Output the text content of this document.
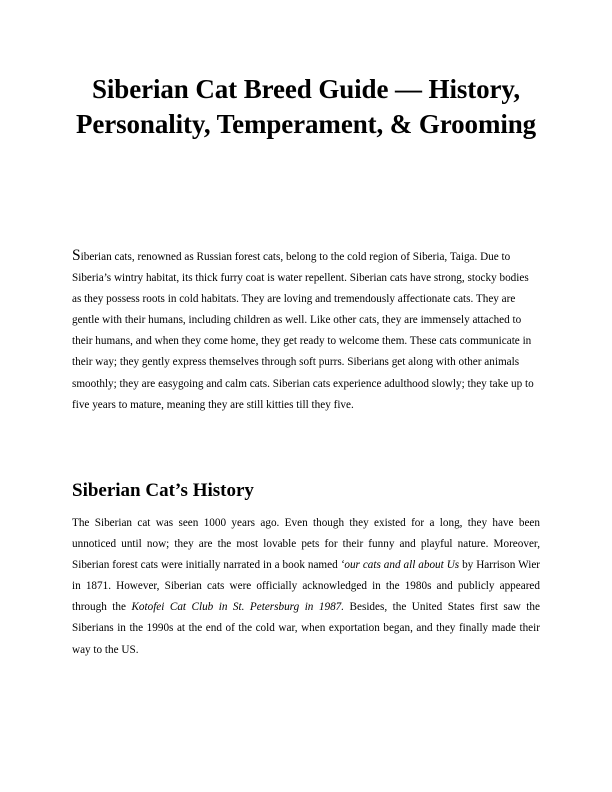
Siberian Cat Breed Guide — History, Personality, Temperament, & Grooming

Siberian cats, renowned as Russian forest cats, belong to the cold region of Siberia, Taiga. Due to Siberia’s wintry habitat, its thick furry coat is water repellent. Siberian cats have strong, stocky bodies as they possess roots in cold habitats. They are loving and tremendously affectionate cats. They are gentle with their humans, including children as well. Like other cats, they are immensely attached to their humans, and when they come home, they get ready to welcome them. These cats communicate in their way; they gently express themselves through soft purrs. Siberians get along with other animals smoothly; they are easygoing and calm cats. Siberian cats experience adulthood slowly; they take up to five years to mature, meaning they are still kitties till they five.

Siberian Cat’s History

The Siberian cat was seen 1000 years ago. Even though they existed for a long, they have been unnoticed until now; they are the most lovable pets for their funny and playful nature. Moreover, Siberian forest cats were initially narrated in a book named ‘our cats and all about Us by Harrison Wier in 1871. However, Siberian cats were officially acknowledged in the 1980s and publicly appeared through the Kotofei Cat Club in St. Petersburg in 1987. Besides, the United States first saw the Siberians in the 1990s at the end of the cold war, when exportation began, and they finally made their way to the US.
